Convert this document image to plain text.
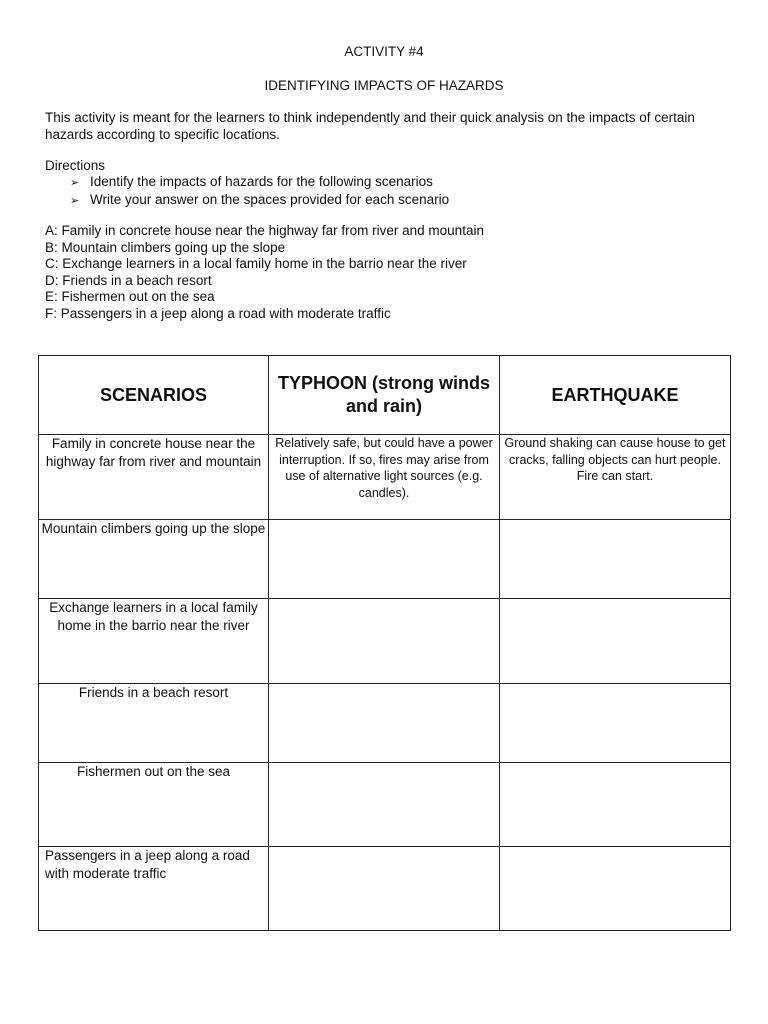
ACTIVITY #4
IDENTIFYING IMPACTS OF HAZARDS
This activity is meant for the learners to think independently and their quick analysis on the impacts of certain hazards according to specific locations.
Directions
➢ Identify the impacts of hazards for the following scenarios
➢ Write your answer on the spaces provided for each scenario
A: Family in concrete house near the highway far from river and mountain
B: Mountain climbers going up the slope
C: Exchange learners in a local family home in the barrio near the river
D: Friends in a beach resort
E: Fishermen out on the sea
F: Passengers in a jeep along a road with moderate traffic
SCENARIOS	TYPHOON (strong winds and rain)	EARTHQUAKE
Family in concrete house near the highway far from river and mountain	Relatively safe, but could have a power interruption. If so, fires may arise from use of alternative light sources (e.g. candles).	Ground shaking can cause house to get cracks, falling objects can hurt people. Fire can start.
Mountain climbers going up the slope		
Exchange learners in a local family home in the barrio near the river		
Friends in a beach resort		
Fishermen out on the sea		
Passengers in a jeep along a road with moderate traffic		
